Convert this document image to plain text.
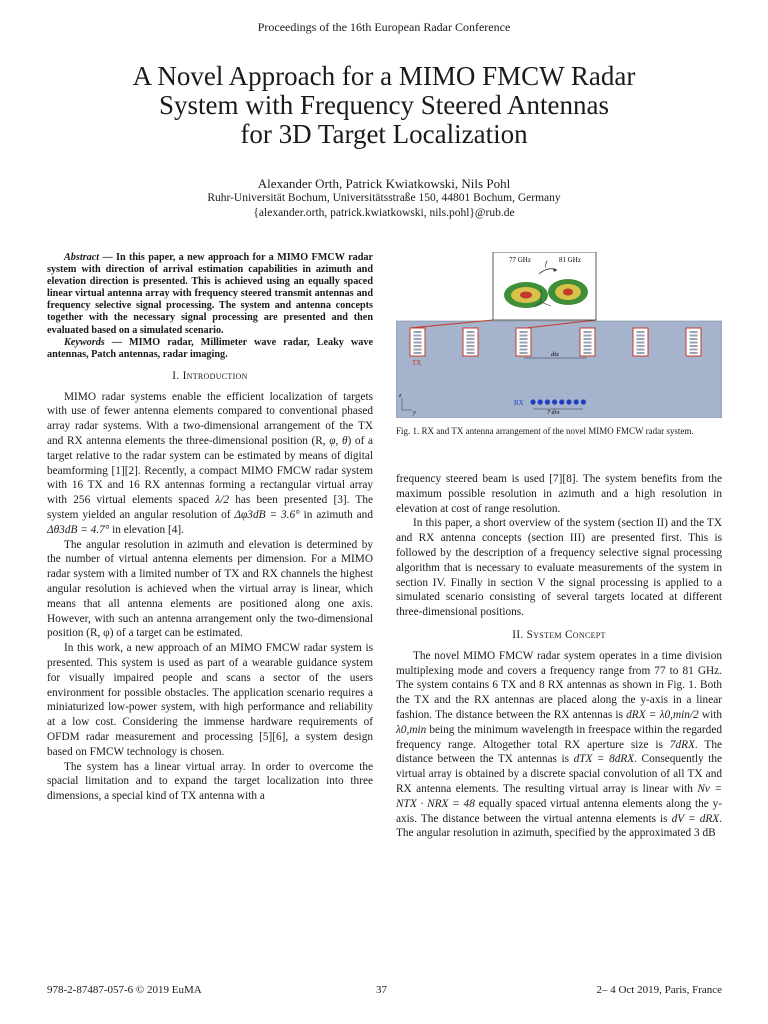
Proceedings of the 16th European Radar Conference
A Novel Approach for a MIMO FMCW Radar
System with Frequency Steered Antennas
for 3D Target Localization
Alexander Orth, Patrick Kwiatkowski, Nils Pohl
Ruhr-Universität Bochum, Universitätsstraße 150, 44801 Bochum, Germany
{alexander.orth, patrick.kwiatkowski, nils.pohl}@rub.de

Abstract — In this paper, a new approach for a MIMO FMCW radar system with direction of arrival estimation capabilities in azimuth and elevation direction is presented. This is achieved using an equally spaced linear virtual antenna array with frequency steered transmit antennas and frequency selective signal processing. The system and antenna concepts together with the necessary signal processing are presented and then evaluated based on a simulated scenario.

Keywords — MIMO radar, Millimeter wave radar, Leaky wave antennas, Patch antennas, radar imaging.

I. Introduction

MIMO radar systems enable the efficient localization of targets with use of fewer antenna elements compared to conventional phased array radar systems. With a two-dimensional arrangement of the TX and RX antenna elements the three-dimensional position (R, φ, θ) of a target relative to the radar system can be estimated by means of digital beamforming [1][2]. Recently, a compact MIMO FMCW radar system with 16 TX and 16 RX antennas forming a rectangular virtual array with 256 virtual elements spaced λ/2 has been presented [3]. The system yielded an angular resolution of Δφ3dB = 3.6° in azimuth and Δθ3dB = 4.7° in elevation [4].

The angular resolution in azimuth and elevation is determined by the number of virtual antenna elements per dimension. For a MIMO radar system with a limited number of TX and RX channels the highest angular resolution is achieved when the virtual array is linear, which means that all antenna elements are positioned along one axis. However, with such an antenna arrangement only the two-dimensional position (R, φ) of a target can be estimated.

In this work, a new approach of an MIMO FMCW radar system is presented. This system is used as part of a wearable guidance system for visually impaired people and scans a sector of the users environment for possible obstacles. The application scenario requires a miniaturized low-power system, with high performance and reliability at a low cost. Considering the immense hardware requirements of OFDM radar measurement and processing [5][6], a system design based on FMCW technology is chosen.

The system has a linear virtual array. In order to overcome the spacial limitation and to expand the target localization into three dimensions, a special kind of TX antenna with a

77 GHz	81 GHz
f
TX
dtx
RX
7 drx
z
y
Fig. 1. RX and TX antenna arrangement of the novel MIMO FMCW radar system.

frequency steered beam is used [7][8]. The system benefits from the maximum possible resolution in azimuth and a high resolution in elevation at cost of range resolution.

In this paper, a short overview of the system (section II) and the TX and RX antenna concepts (section III) are presented first. This is followed by the description of a frequency selective signal processing algorithm that is necessary to evaluate measurements of the system in section IV. Finally in section V the signal processing is applied to a simulated scenario consisting of several targets located at different three-dimensional positions.

II. System Concept

The novel MIMO FMCW radar system operates in a time division multiplexing mode and covers a frequency range from 77 to 81 GHz. The system contains 6 TX and 8 RX antennas as shown in Fig. 1. Both the TX and the RX antennas are placed along the y-axis in a linear fashion. The distance between the RX antennas is dRX = λ0,min/2 with λ0,min being the minimum wavelength in freespace within the regarded frequency range. Altogether total RX aperture size is 7dRX. The distance between the TX antennas is dTX = 8dRX. Consequently the virtual array is obtained by a discrete spacial convolution of all TX and RX antenna elements. The resulting virtual array is linear with Nv = NTX · NRX = 48 equally spaced virtual antenna elements along the y-axis. The distance between the virtual antenna elements is dV = dRX. The angular resolution in azimuth, specified by the approximated 3 dB

978-2-87487-057-6 © 2019 EuMA	37	2– 4 Oct 2019, Paris, France
